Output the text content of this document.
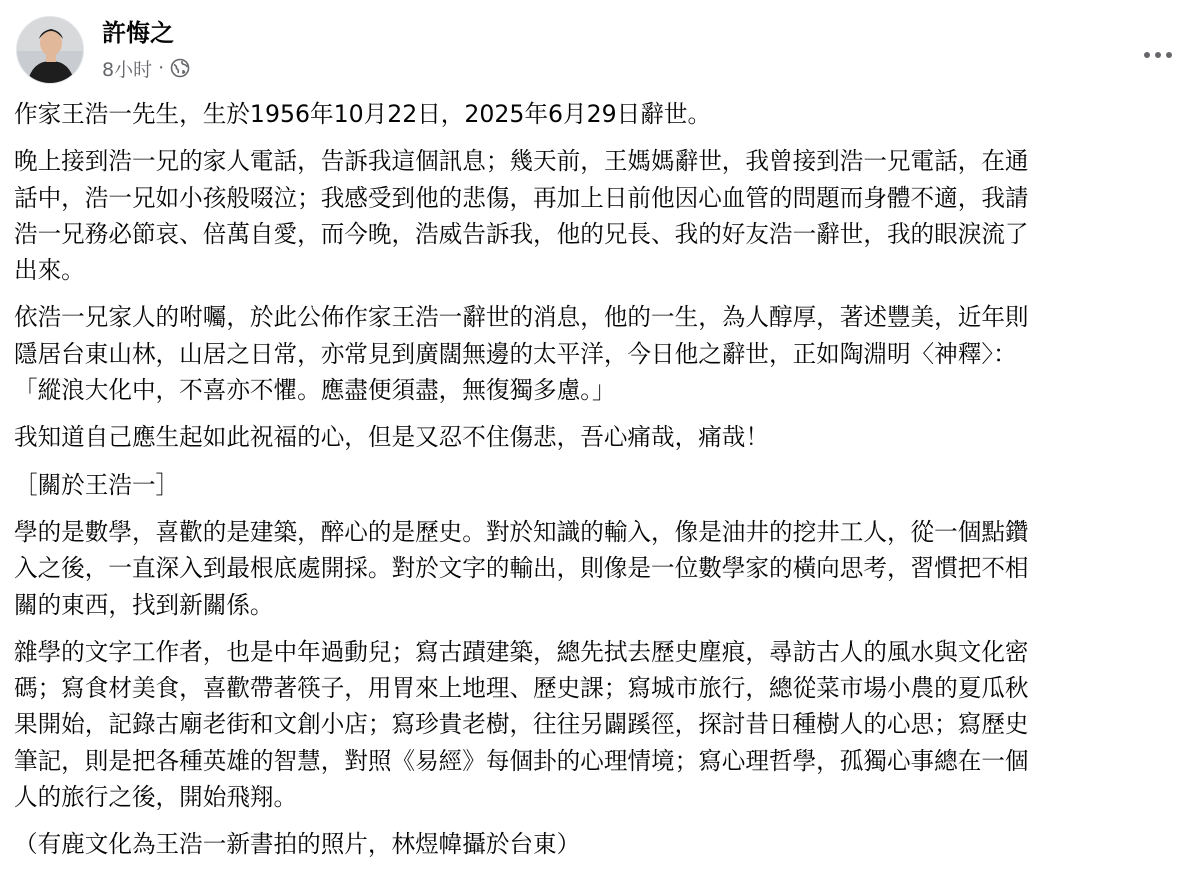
許悔之
8小时 ·

作家王浩一先生，生於1956年10月22日，2025年6月29日辭世。

晚上接到浩一兄的家人電話，告訴我這個訊息；幾天前，王媽媽辭世，我曾接到浩一兄電話，在通
話中，浩一兄如小孩般啜泣；我感受到他的悲傷，再加上日前他因心血管的問題而身體不適，我請
浩一兄務必節哀、倍萬自愛，而今晚，浩威告訴我，他的兄長、我的好友浩一辭世，我的眼淚流了
出來。

依浩一兄家人的咐囑，於此公佈作家王浩一辭世的消息，他的一生，為人醇厚，著述豐美，近年則
隱居台東山林，山居之日常，亦常見到廣闊無邊的太平洋，今日他之辭世，正如陶淵明〈神釋〉：
「縱浪大化中，不喜亦不懼。應盡便須盡，無復獨多慮。」

我知道自己應生起如此祝福的心，但是又忍不住傷悲，吾心痛哉，痛哉！

［關於王浩一］

學的是數學，喜歡的是建築，醉心的是歷史。對於知識的輸入，像是油井的挖井工人，從一個點鑽
入之後，一直深入到最根底處開採。對於文字的輸出，則像是一位數學家的橫向思考，習慣把不相
關的東西，找到新關係。

雜學的文字工作者，也是中年過動兒；寫古蹟建築，總先拭去歷史塵痕，尋訪古人的風水與文化密
碼；寫食材美食，喜歡帶著筷子，用胃來上地理、歷史課；寫城市旅行，總從菜市場小農的夏瓜秋
果開始，記錄古廟老街和文創小店；寫珍貴老樹，往往另闢蹊徑，探討昔日種樹人的心思；寫歷史
筆記，則是把各種英雄的智慧，對照《易經》每個卦的心理情境；寫心理哲學，孤獨心事總在一個
人的旅行之後，開始飛翔。

（有鹿文化為王浩一新書拍的照片，林煜幃攝於台東）
